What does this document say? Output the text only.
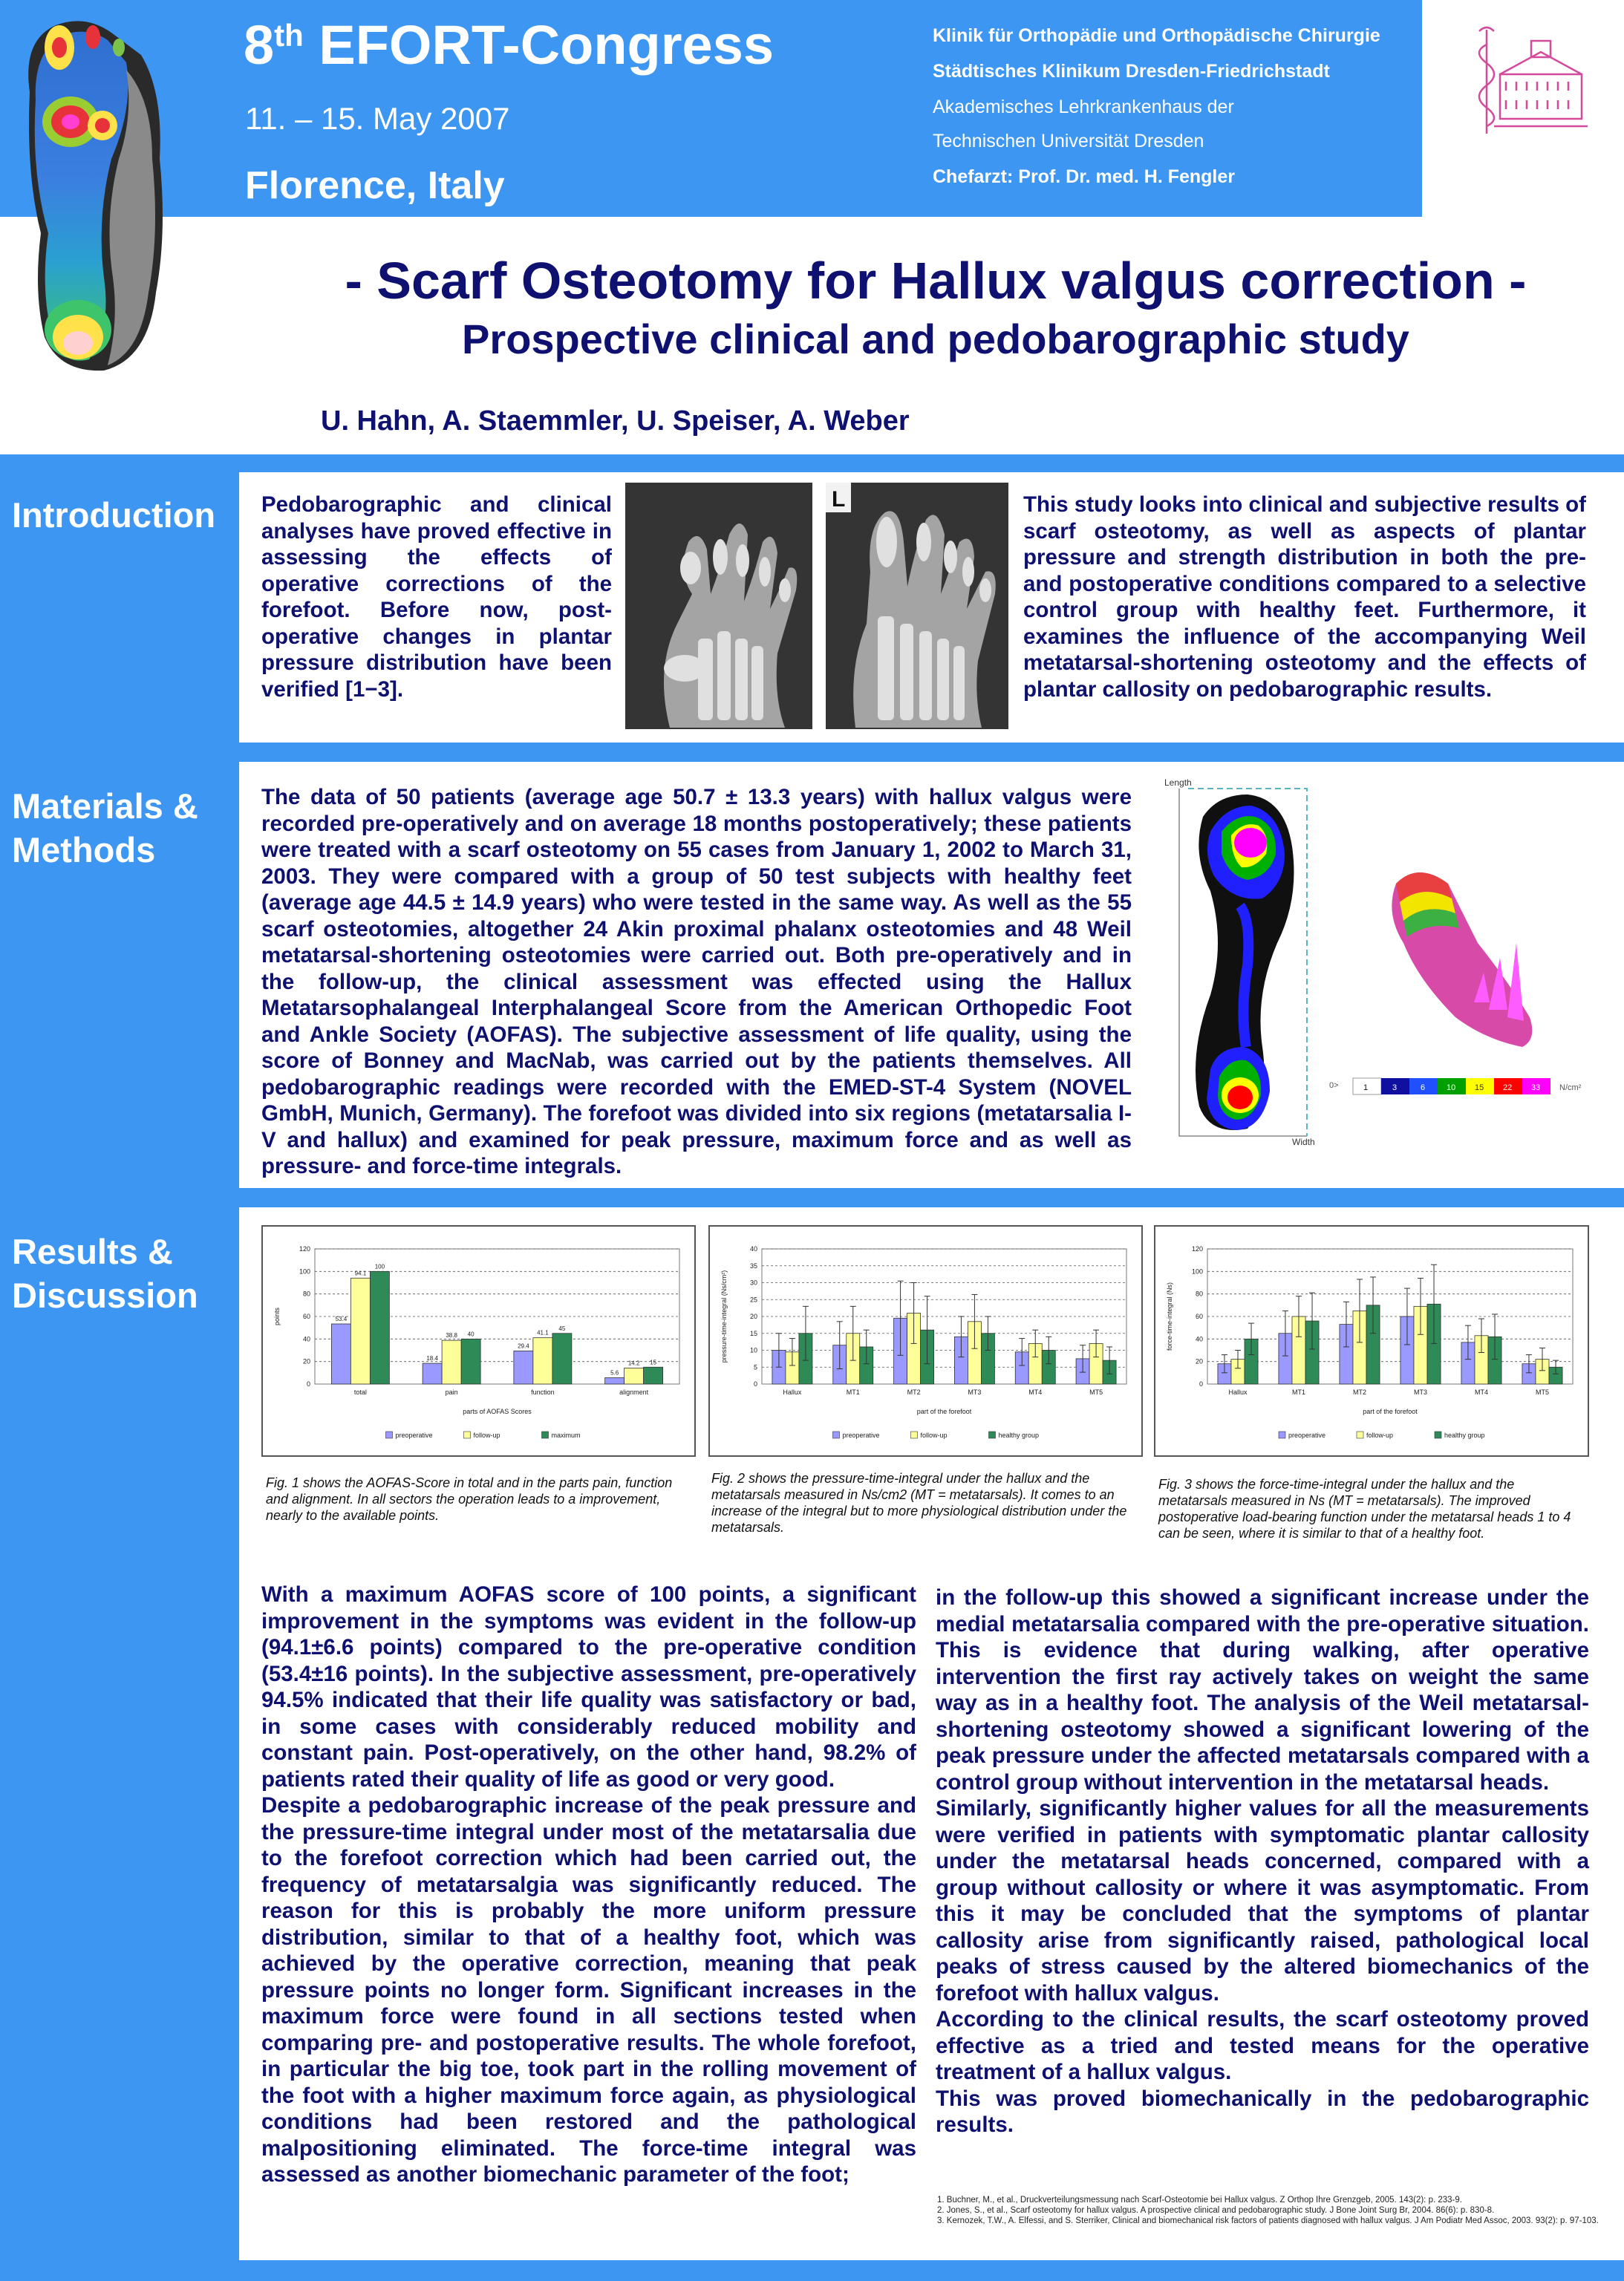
8th EFORT-Congress
11. – 15. May 2007
Florence, Italy
Klinik für Orthopädie und Orthopädische Chirurgie
Städtisches Klinikum Dresden-Friedrichstadt
Akademisches Lehrkrankenhaus der
Technischen Universität Dresden
Chefarzt: Prof. Dr. med. H. Fengler
- Scarf Osteotomy for Hallux valgus correction -
Prospective clinical and pedobarographic study
U. Hahn, A. Staemmler, U. Speiser, A. Weber
Introduction Pedobarographic and clinical analyses have proved effective in assessing the effects of operative corrections of the forefoot. Before now, post-operative changes in plantar pressure distribution have been verified [1−3].
L	This study looks into clinical and subjective results of scarf osteotomy, as well as aspects of plantar pressure and strength distribution in both the pre- and postoperative conditions compared to a selective control group with healthy feet. Furthermore, it examines the influence of the accompanying Weil metatarsal-shortening osteotomy and the effects of plantar callosity on pedobarographic results.
Materials &
Methods
The data of 50 patients (average age 50.7 ± 13.3 years) with hallux valgus were recorded pre-operatively and on average 18 months postoperatively; these patients were treated with a scarf osteotomy on 55 cases from January 1, 2002 to March 31, 2003. They were compared with a group of 50 test subjects with healthy feet (average age 44.5 ± 14.9 years) who were tested in the same way. As well as the 55 scarf osteotomies, altogether 24 Akin proximal phalanx osteotomies and 48 Weil metatarsal-shortening osteotomies were carried out. Both pre-operatively and in the follow-up, the clinical assessment was effected using the Hallux Metatarsophalangeal Interphalangeal Score from the American Orthopedic Foot and Ankle Society (AOFAS). The subjective assessment of life quality, using the score of Bonney and MacNab, was carried out by the patients themselves. All pedobarographic readings were recorded with the EMED-ST-4 System (NOVEL GmbH, Munich, Germany). The forefoot was divided into six regions (metatarsalia I-V and hallux) and examined for peak pressure, maximum force and as well as pressure- and force-time integrals.
Length
Width
0>	1	3	6	10 15 22 33 N/cm²
Results &
Discussion
0
20
40
60
80
100
120
points
parts of AOFAS Scores
total
53.4
94.1
100
pain
18.4
38.8 40
function
29.4
41.1
45
alignment
5.6
14.2 15
preoperative	follow-up	maximum
0
5
10
15
20
25
30
35
40
pressure-time-integral (Ns/cm²)
part of the forefoot
Hallux	MT1	MT2	MT3	MT4	MT5
preoperative	follow-up	healthy group
0
20
40
60
80
100
120
force-time-integral (Ns)
part of the forefoot
Hallux	MT1	MT2	MT3	MT4	MT5
preoperative	follow-up	healthy group
Fig. 1 shows the AOFAS-Score in total and in the parts pain, function and alignment. In all sectors the operation leads to a improvement, nearly to the available points.
Fig. 2 shows the pressure-time-integral under the hallux and the metatarsals measured in Ns/cm2 (MT = metatarsals). It comes to an increase of the integral but to more physiological distribution under the metatarsals.
Fig. 3 shows the force-time-integral under the hallux and the metatarsals measured in Ns (MT = metatarsals). The improved postoperative load-bearing function under the metatarsal heads 1 to 4 can be seen, where it is similar to that of a healthy foot.

With a maximum AOFAS score of 100 points, a significant improvement in the symptoms was evident in the follow-up (94.1±6.6 points) compared to the pre-operative condition (53.4±16 points). In the subjective assessment, pre-operatively 94.5% indicated that their life quality was satisfactory or bad, in some cases with considerably reduced mobility and constant pain. Post-operatively, on the other hand, 98.2% of patients rated their quality of life as good or very good.

Despite a pedobarographic increase of the peak pressure and the pressure-time integral under most of the metatarsalia due to the forefoot correction which had been carried out, the frequency of metatarsalgia was significantly reduced. The reason for this is probably the more uniform pressure distribution, similar to that of a healthy foot, which was achieved by the operative correction, meaning that peak pressure points no longer form. Significant increases in the maximum force were found in all sections tested when comparing pre- and postoperative results. The whole forefoot, in particular the big toe, took part in the rolling movement of the foot with a higher maximum force again, as physiological conditions had been restored and the pathological malpositioning eliminated. The force-time integral was assessed as another biomechanic parameter of the foot;

in the follow-up this showed a significant increase under the medial metatarsalia compared with the pre-operative situation. This is evidence that during walking, after operative intervention the first ray actively takes on weight the same way as in a healthy foot. The analysis of the Weil metatarsal-shortening osteotomy showed a significant lowering of the peak pressure under the affected metatarsals compared with a control group without intervention in the metatarsal heads.

Similarly, significantly higher values for all the measurements were verified in patients with symptomatic plantar callosity under the metatarsal heads concerned, compared with a group without callosity or where it was asymptomatic. From this it may be concluded that the symptoms of plantar callosity arise from significantly raised, pathological local peaks of stress caused by the altered biomechanics of the forefoot with hallux valgus.

According to the clinical results, the scarf osteotomy proved effective as a tried and tested means for the operative treatment of a hallux valgus.

This was proved biomechanically in the pedobarographic results.

1. Buchner, M., et al., Druckverteilungsmessung nach Scarf-Osteotomie bei Hallux valgus. Z Orthop Ihre Grenzgeb, 2005. 143(2): p. 233-9.
2. Jones, S., et al., Scarf osteotomy for hallux valgus. A prospective clinical and pedobarographic study. J Bone Joint Surg Br, 2004. 86(6): p. 830-8.
3. Kernozek, T.W., A. Elfessi, and S. Sterriker, Clinical and biomechanical risk factors of patients diagnosed with hallux valgus. J Am Podiatr Med Assoc, 2003. 93(2): p. 97-103.
